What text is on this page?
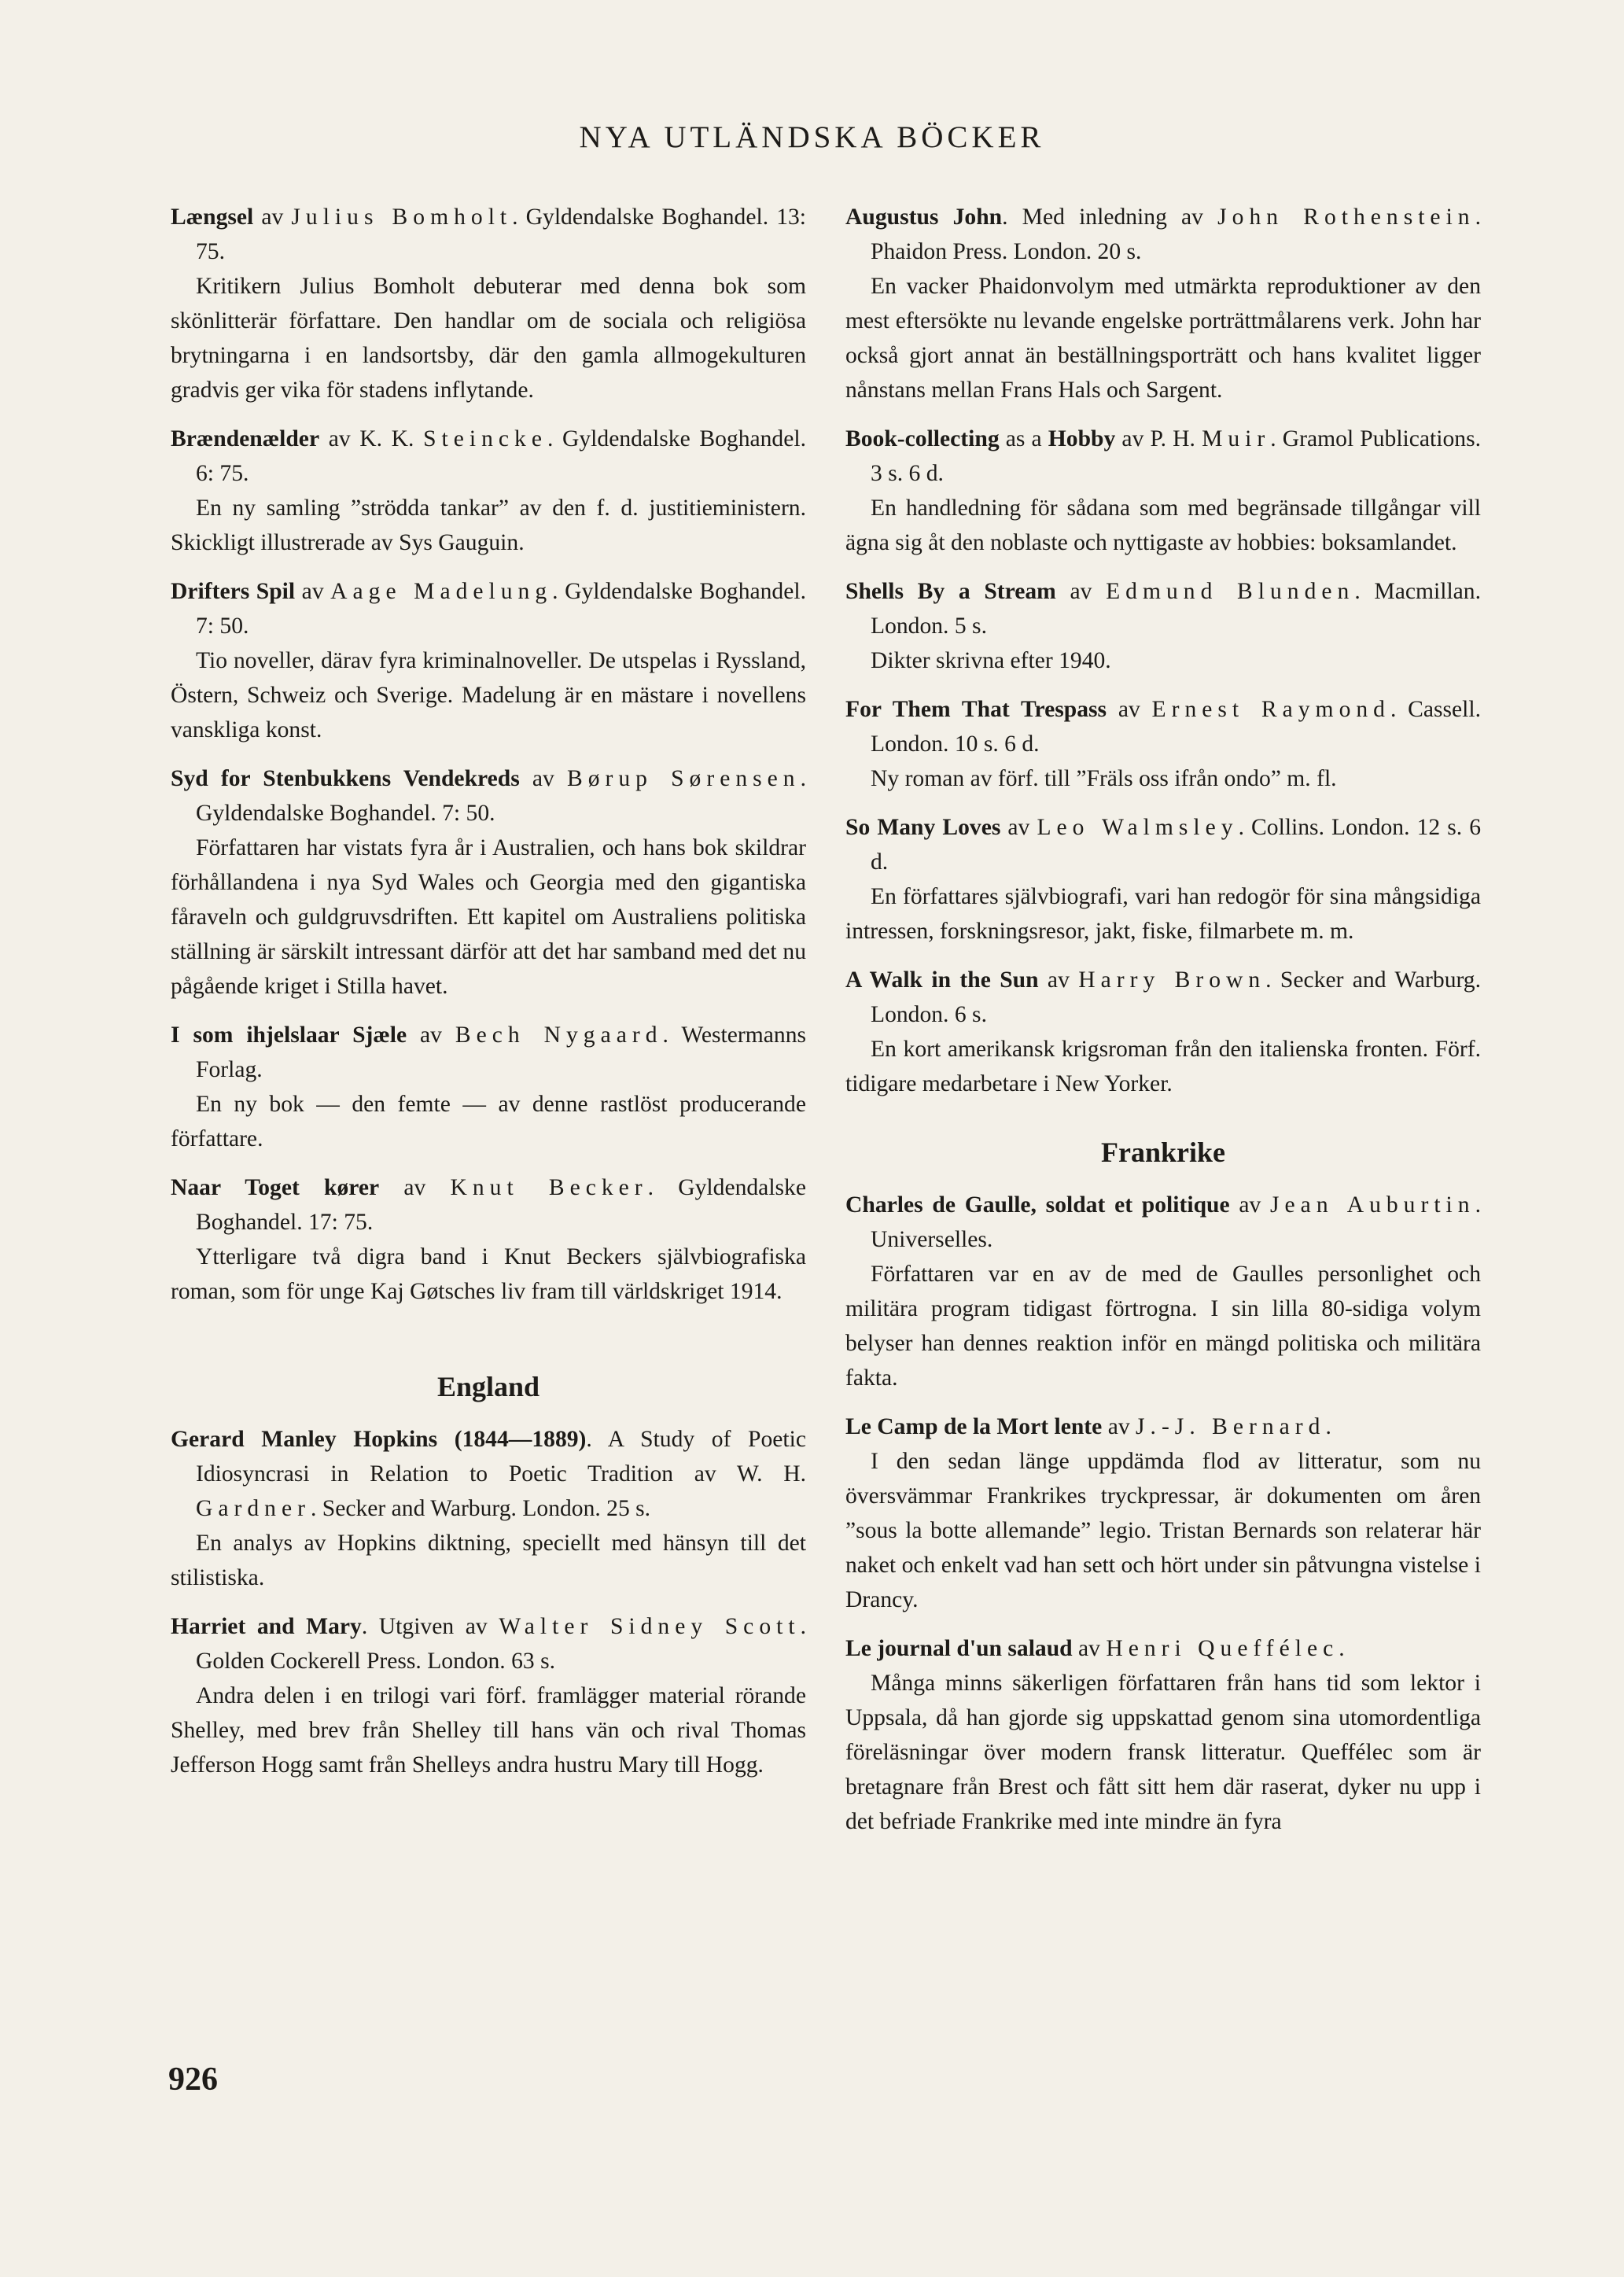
NYA UTLÄNDSKA BÖCKER

Længsel av Julius Bomholt. Gyldendalske Boghandel. 13: 75.

Kritikern Julius Bomholt debuterar med denna bok som skönlitterär författare. Den handlar om de sociala och religiösa brytningarna i en landsortsby, där den gamla allmogekulturen gradvis ger vika för stadens inflytande.

Brændenælder av K. K. Steincke. Gyldendalske Boghandel. 6: 75.

En ny samling ”strödda tankar” av den f. d. justitieministern. Skickligt illustrerade av Sys Gauguin.

Drifters Spil av Aage Madelung. Gyldendalske Boghandel. 7: 50.

Tio noveller, därav fyra kriminalnoveller. De utspelas i Ryssland, Östern, Schweiz och Sverige. Madelung är en mästare i novellens vanskliga konst.

Syd for Stenbukkens Vendekreds av Børup Sørensen. Gyldendalske Boghandel. 7: 50.

Författaren har vistats fyra år i Australien, och hans bok skildrar förhållandena i nya Syd Wales och Georgia med den gigantiska fåraveln och guldgruvsdriften. Ett kapitel om Australiens politiska ställning är särskilt intressant därför att det har samband med det nu pågående kriget i Stilla havet.

I som ihjelslaar Sjæle av Bech Nygaard. Westermanns Forlag.

En ny bok — den femte — av denne rastlöst producerande författare.

Naar Toget kører av Knut Becker. Gyldendalske Boghandel. 17: 75.

Ytterligare två digra band i Knut Beckers självbiografiska roman, som för unge Kaj Gøtsches liv fram till världskriget 1914.

England

Gerard Manley Hopkins (1844—1889). A Study of Poetic Idiosyncrasi in Relation to Poetic Tradition av W. H. Gardner. Secker and Warburg. London. 25 s.

En analys av Hopkins diktning, speciellt med hänsyn till det stilistiska.

Harriet and Mary. Utgiven av Walter Sidney Scott. Golden Cockerell Press. London. 63 s.

Andra delen i en trilogi vari förf. framlägger material rörande Shelley, med brev från Shelley till hans vän och rival Thomas Jefferson Hogg samt från Shelleys andra hustru Mary till Hogg.

Augustus John. Med inledning av John Rothenstein. Phaidon Press. London. 20 s.

En vacker Phaidonvolym med utmärkta reproduktioner av den mest eftersökte nu levande engelske porträttmålarens verk. John har också gjort annat än beställningsporträtt och hans kvalitet ligger nånstans mellan Frans Hals och Sargent.

Book-collecting as a Hobby av P. H. Muir. Gramol Publications. 3 s. 6 d.

En handledning för sådana som med begränsade tillgångar vill ägna sig åt den noblaste och nyttigaste av hobbies: boksamlandet.

Shells By a Stream av Edmund Blunden. Macmillan. London. 5 s.

Dikter skrivna efter 1940.

For Them That Trespass av Ernest Raymond. Cassell. London. 10 s. 6 d.

Ny roman av förf. till ”Fräls oss ifrån ondo” m. fl.

So Many Loves av Leo Walmsley. Collins. London. 12 s. 6 d.

En författares självbiografi, vari han redogör för sina mångsidiga intressen, forskningsresor, jakt, fiske, filmarbete m. m.

A Walk in the Sun av Harry Brown. Secker and Warburg. London. 6 s.

En kort amerikansk krigsroman från den italienska fronten. Förf. tidigare medarbetare i New Yorker.

Frankrike

Charles de Gaulle, soldat et politique av Jean Auburtin. Universelles.

Författaren var en av de med de Gaulles personlighet och militära program tidigast förtrogna. I sin lilla 80-sidiga volym belyser han dennes reaktion inför en mängd politiska och militära fakta.

Le Camp de la Mort lente av J.-J. Bernard.

I den sedan länge uppdämda flod av litteratur, som nu översvämmar Frankrikes tryckpressar, är dokumenten om åren ”sous la botte allemande” legio. Tristan Bernards son relaterar här naket och enkelt vad han sett och hört under sin påtvungna vistelse i Drancy.

Le journal d'un salaud av Henri Queffélec.

Många minns säkerligen författaren från hans tid som lektor i Uppsala, då han gjorde sig uppskattad genom sina utomordentliga föreläsningar över modern fransk litteratur. Queffélec som är bretagnare från Brest och fått sitt hem där raserat, dyker nu upp i det befriade Frankrike med inte mindre än fyra

926
